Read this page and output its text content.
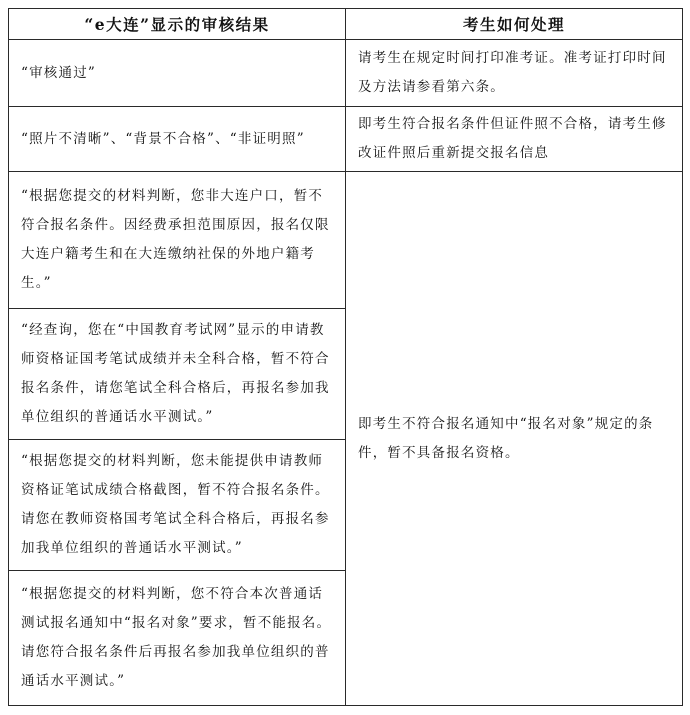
“e大连”显示的审核结果	考生如何处理

“审核通过”	请考生在规定时间打印准考证。准考证打印时间及方法请参看第六条。

“照片不清晰”、“背景不合格”、“非证明照”	即考生符合报名条件但证件照不合格，请考生修改证件照后重新提交报名信息

“根据您提交的材料判断，您非大连户口，暂不符合报名条件。因经费承担范围原因，报名仅限大连户籍考生和在大连缴纳社保的外地户籍考生。”	即考生不符合报名通知中“报名对象”规定的条件，暂不具备报名资格。

“经查询，您在“中国教育考试网”显示的申请教师资格证国考笔试成绩并未全科合格，暂不符合报名条件，请您笔试全科合格后，再报名参加我单位组织的普通话水平测试。”	

“根据您提交的材料判断，您未能提供申请教师资格证笔试成绩合格截图，暂不符合报名条件。请您在教师资格国考笔试全科合格后，再报名参加我单位组织的普通话水平测试。”	

“根据您提交的材料判断，您不符合本次普通话测试报名通知中“报名对象”要求，暂不能报名。请您符合报名条件后再报名参加我单位组织的普通话水平测试。”	
